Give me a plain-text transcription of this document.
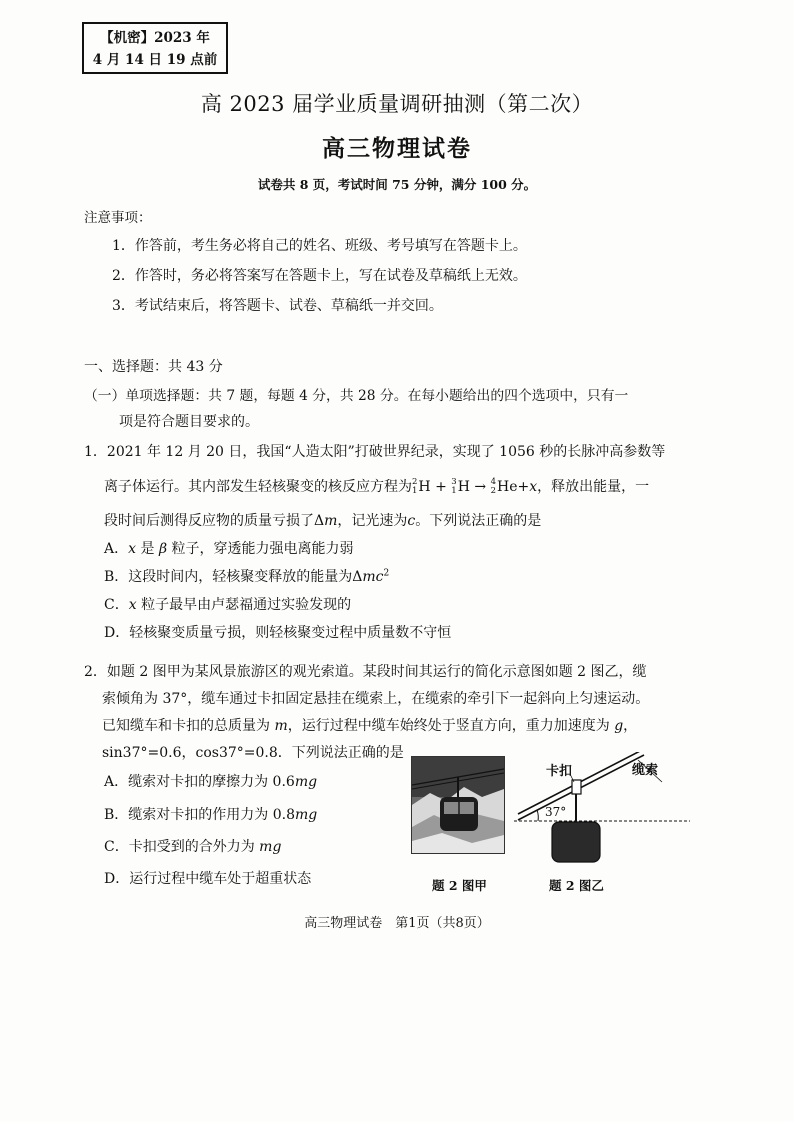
【机密】2023 年
4 月 14 日 19 点前
高 2023 届学业质量调研抽测（第二次）
高三物理试卷
试卷共 8 页，考试时间 75 分钟，满分 100 分。
注意事项：
1．作答前，考生务必将自己的姓名、班级、考号填写在答题卡上。
2．作答时，务必将答案写在答题卡上，写在试卷及草稿纸上无效。
3．考试结束后，将答题卡、试卷、草稿纸一并交回。
一、选择题：共 43 分
（一）单项选择题：共 7 题，每题 4 分，共 28 分。在每小题给出的四个选项中，只有一
项是符合题目要求的。
1．2021 年 12 月 20 日，我国“人造太阳”打破世界纪录，实现了 1056 秒的长脉冲高参数等
离子体运行。其内部发生轻核聚变的核反应方程为2
1H + 3
1H → 4
2He+x，释放出能量，一
段时间后测得反应物的质量亏损了Δm，记光速为c。下列说法正确的是
A．x 是 β 粒子，穿透能力强电离能力弱
B．这段时间内，轻核聚变释放的能量为Δmc$^2$
C．x 粒子最早由卢瑟福通过实验发现的
D．轻核聚变质量亏损，则轻核聚变过程中质量数不守恒
2．如题 2 图甲为某风景旅游区的观光索道。某段时间其运行的简化示意图如题 2 图乙，缆
索倾角为 37°，缆车通过卡扣固定悬挂在缆索上，在缆索的牵引下一起斜向上匀速运动。
已知缆车和卡扣的总质量为 m，运行过程中缆车始终处于竖直方向，重力加速度为 g，
sin37°=0.6，cos37°=0.8．下列说法正确的是
A．缆索对卡扣的摩擦力为 0.6mg
B．缆索对卡扣的作用力为 0.8mg
C．卡扣受到的合外力为 mg
D．运行过程中缆车处于超重状态	题 2 图甲
卡扣	缆索
37°
题 2 图乙
高三物理试卷　第1页（共8页）
